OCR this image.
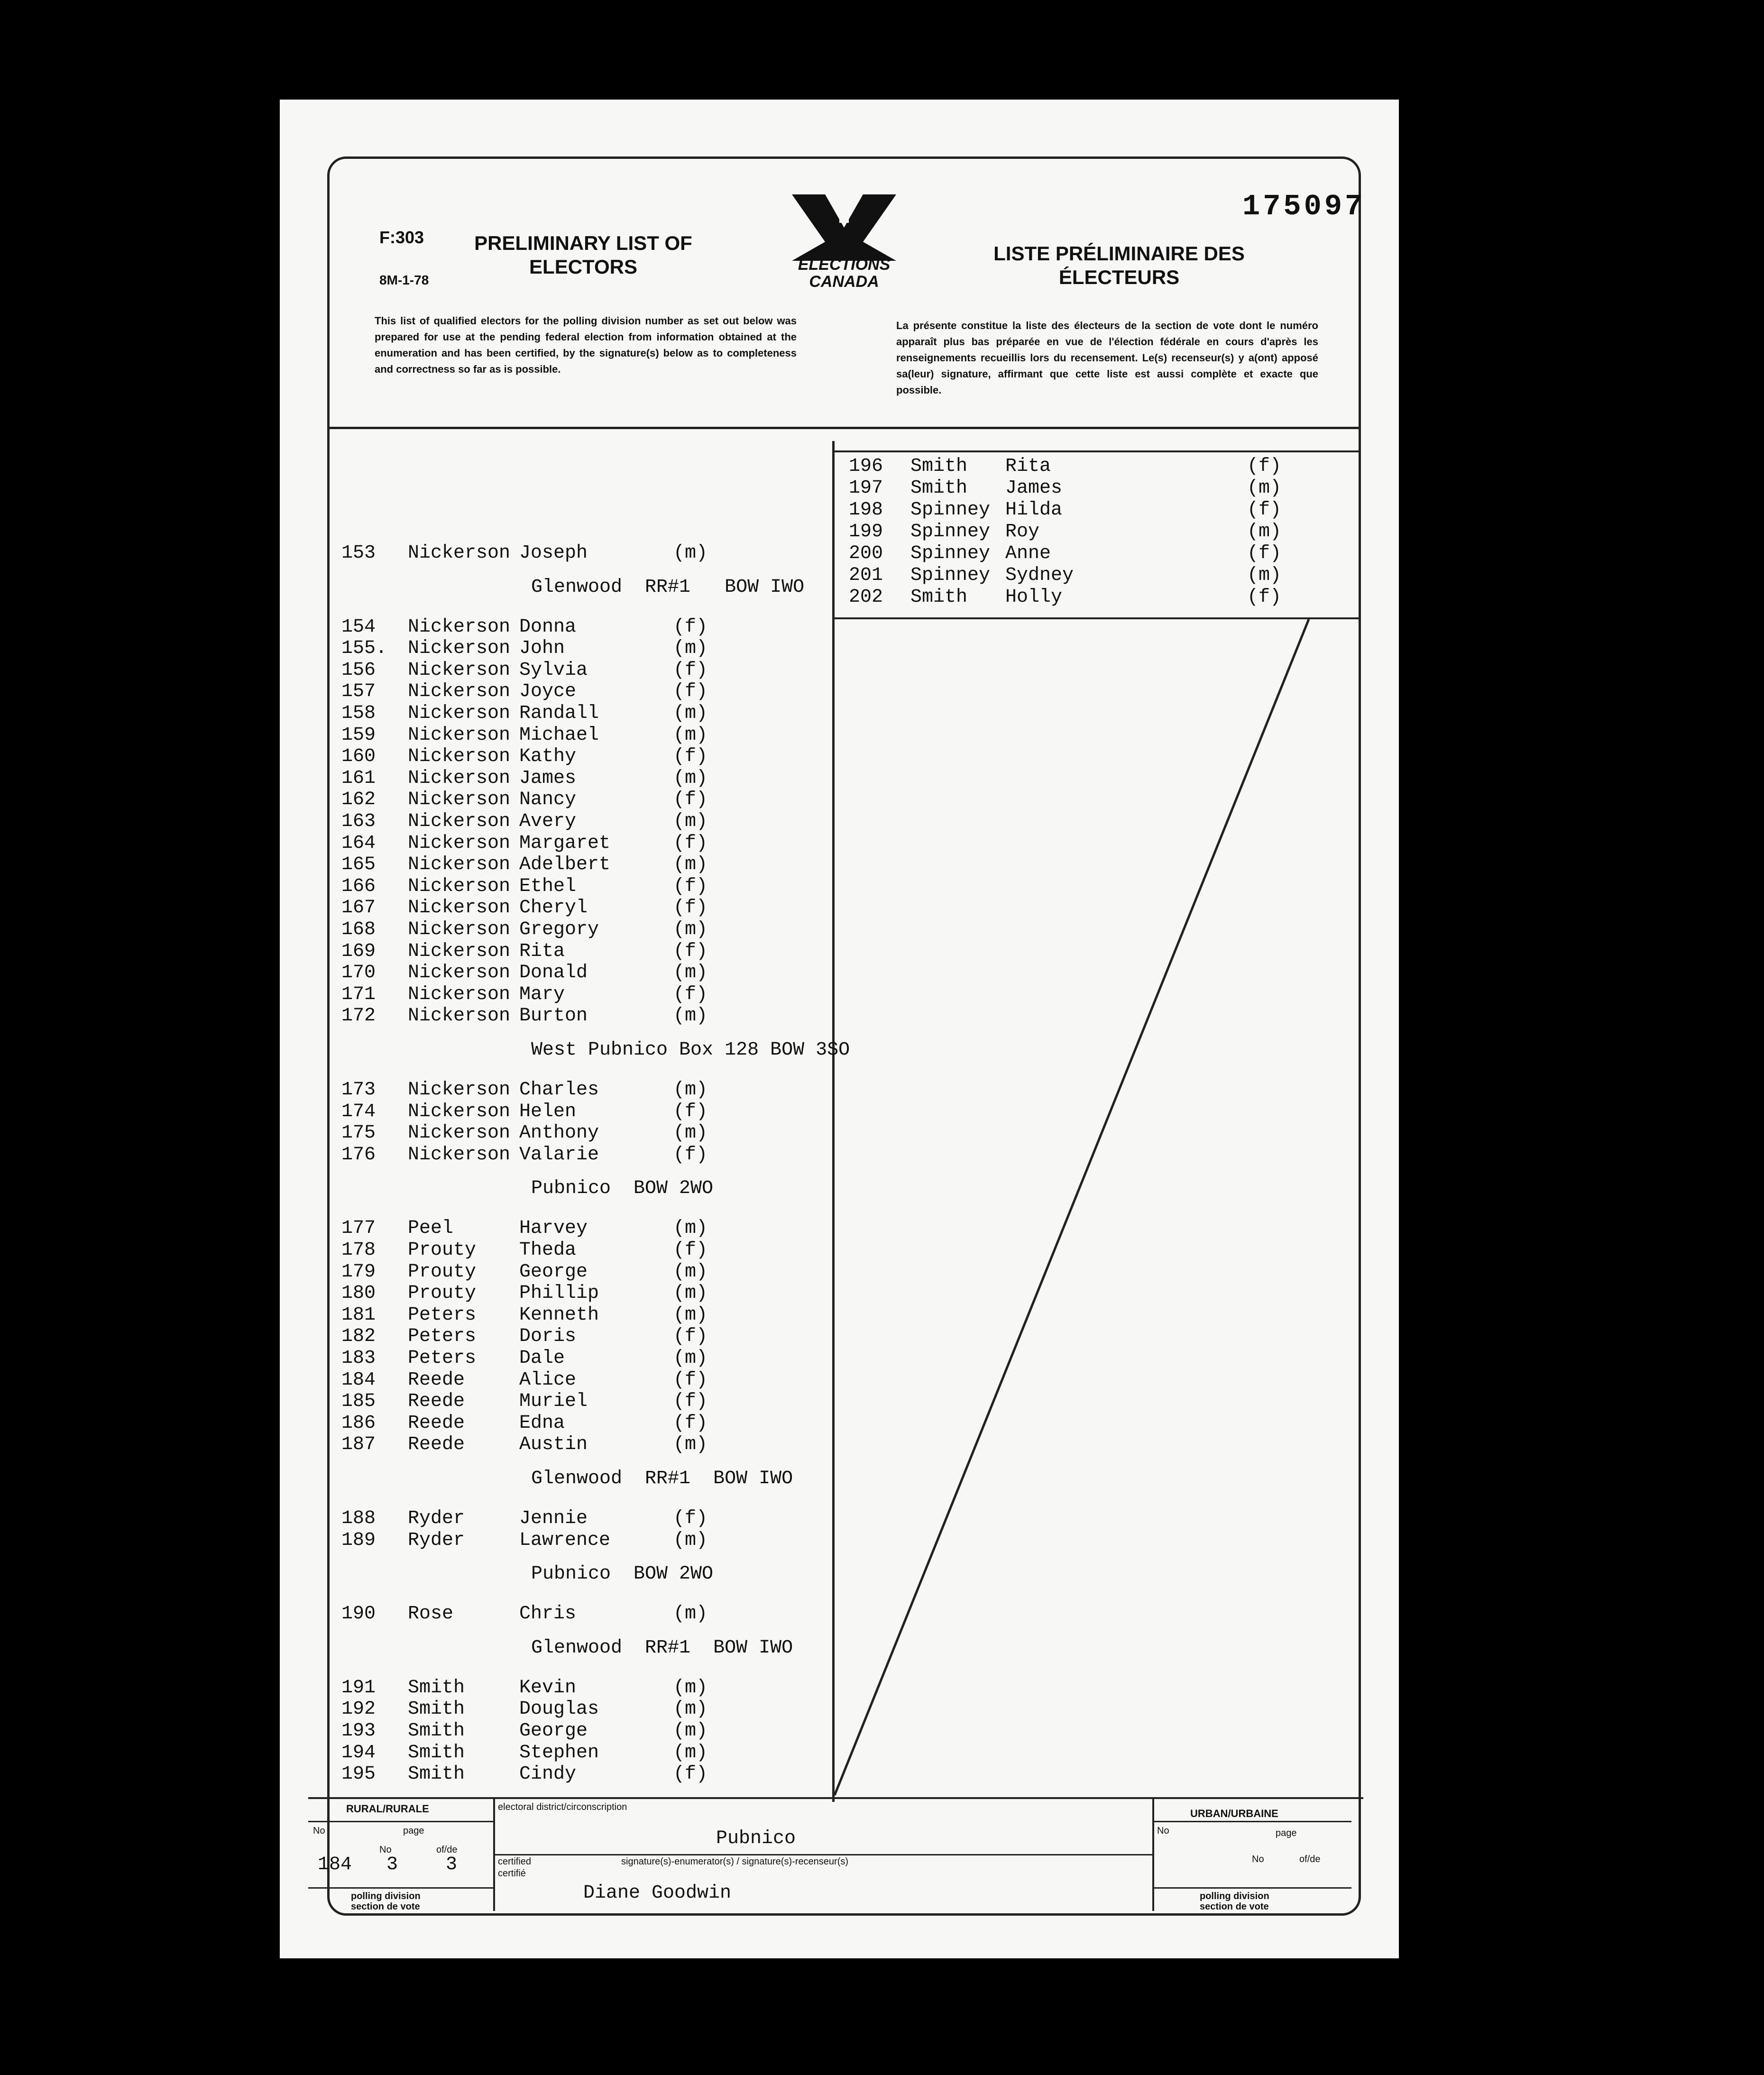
F:303
8M-1-78
PRELIMINARY LIST OF
ELECTORS
LISTE PRÉLIMINAIRE DES
ÉLECTEURS
175097
ELECTIONS
CANADA
This list of qualified electors for the polling division number as set out below was prepared for use at the pending federal election from information obtained at the enumeration and has been certified, by the signature(s) below as to completeness and correctness so far as is possible.
La présente constitue la liste des électeurs de la section de vote dont le numéro apparaît plus bas préparée en vue de l'élection fédérale en cours d'après les renseignements recueillis lors du recensement. Le(s) recenseur(s) y a(ont) apposé sa(leur) signature, affirmant que cette liste est aussi complète et exacte que possible.
153 Nickerson Joseph	(m)
Glenwood  RR#1   BOW IWO
154 Nickerson Donna	(f)
155. Nickerson John	(m)
156 Nickerson Sylvia	(f)
157 Nickerson Joyce	(f)
158 Nickerson Randall	(m)
159 Nickerson Michael	(m)
160 Nickerson Kathy	(f)
161 Nickerson James	(m)
162 Nickerson Nancy	(f)
163 Nickerson Avery	(m)
164 Nickerson Margaret	(f)
165 Nickerson Adelbert	(m)
166 Nickerson Ethel	(f)
167 Nickerson Cheryl	(f)
168 Nickerson Gregory	(m)
169 Nickerson Rita	(f)
170 Nickerson Donald	(m)
171 Nickerson Mary	(f)
172 Nickerson Burton	(m)
West Pubnico Box 128 BOW 3SO
173 Nickerson Charles	(m)
174 Nickerson Helen	(f)
175 Nickerson Anthony	(m)
176 Nickerson Valarie	(f)
Pubnico  BOW 2WO
177 Peel	Harvey	(m)
178 Prouty Theda	(f)
179 Prouty George	(m)
180 Prouty Phillip	(m)
181 Peters Kenneth	(m)
182 Peters Doris	(f)
183 Peters Dale	(m)
184 Reede	Alice	(f)
185 Reede	Muriel	(f)
186 Reede	Edna	(f)
187 Reede	Austin	(m)
Glenwood  RR#1  BOW IWO
188 Ryder	Jennie	(f)
189 Ryder	Lawrence	(m)
Pubnico  BOW 2WO
190 Rose	Chris	(m)
Glenwood  RR#1  BOW IWO
191 Smith	Kevin	(m)
192 Smith	Douglas	(m)
193 Smith	George	(m)
194 Smith	Stephen	(m)
195 Smith	Cindy	(f)
196 Smith Rita	(f)
197 Smith James	(m)
198 Spinney Hilda	(f)
199 Spinney Roy	(m)
200 Spinney Anne	(f)
201 Spinney Sydney	(m)
202 Smith Holly	(f)
RURAL/RURALE
No	page
No	of/de
184 3	3
polling division
section de vote
electoral district/circonscription
Pubnico
certified
certifié
signature(s)-enumerator(s) / signature(s)-recenseur(s)
Diane Goodwin
URBAN/URBAINE
No	page
No	of/de
polling division
section de vote
